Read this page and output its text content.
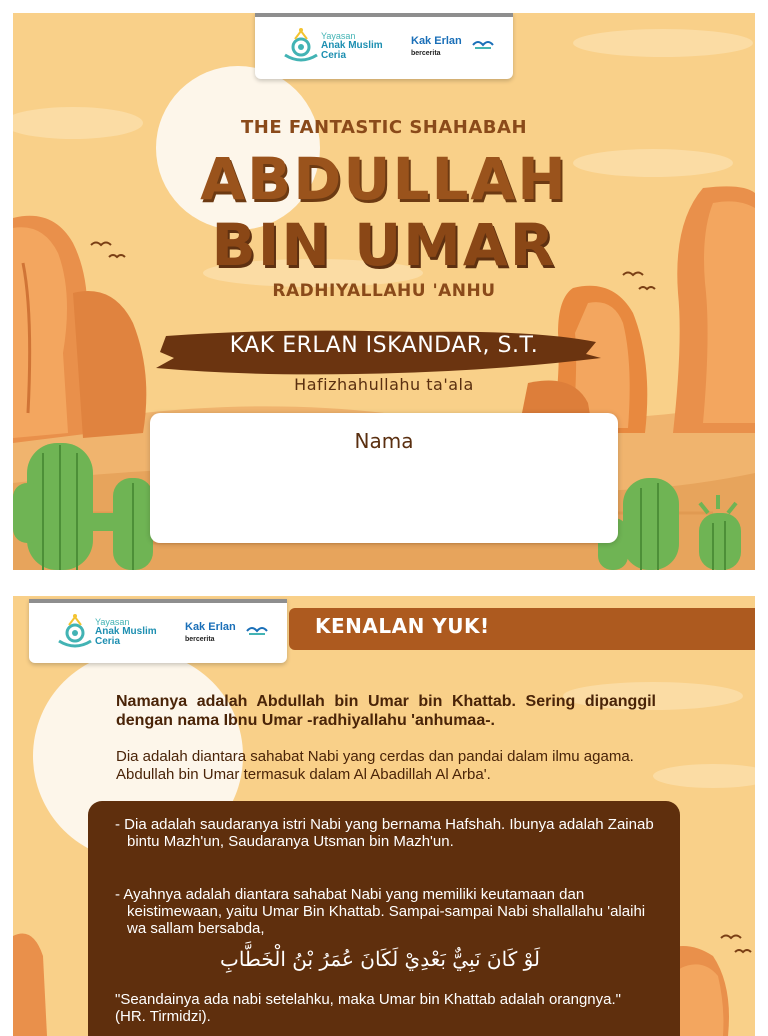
Yayasan
Anak Muslim
Ceria
Kak Erlan
bercerita
THE FANTASTIC SHAHABAH
ABDULLAH
BIN UMAR
RADHIYALLAHU 'ANHU
KAK ERLAN ISKANDAR, S.T.
Hafizhahullahu ta'ala
Nama
Yayasan
Anak Muslim
Ceria
Kak Erlan
bercerita
KENALAN YUK!
Namanya adalah Abdullah bin Umar bin Khattab. Sering dipanggil dengan nama Ibnu Umar -radhiyallahu 'anhumaa-.
Dia adalah diantara sahabat Nabi yang cerdas dan pandai dalam ilmu agama. Abdullah bin Umar termasuk dalam Al Abadillah Al Arba'.
- Dia adalah saudaranya istri Nabi yang bernama Hafshah. Ibunya adalah Zainab bintu Mazh'un, Saudaranya Utsman bin Mazh'un.
- Ayahnya adalah diantara sahabat Nabi yang memiliki keutamaan dan keistimewaan, yaitu Umar Bin Khattab. Sampai-sampai Nabi shallallahu 'alaihi wa sallam bersabda,
لَوْ كَانَ نَبِيٌّ بَعْدِيْ لَكَانَ عُمَرُ بْنُ الْخَطَّابِ
"Seandainya ada nabi setelahku, maka Umar bin Khattab adalah orangnya." (HR. Tirmidzi).
